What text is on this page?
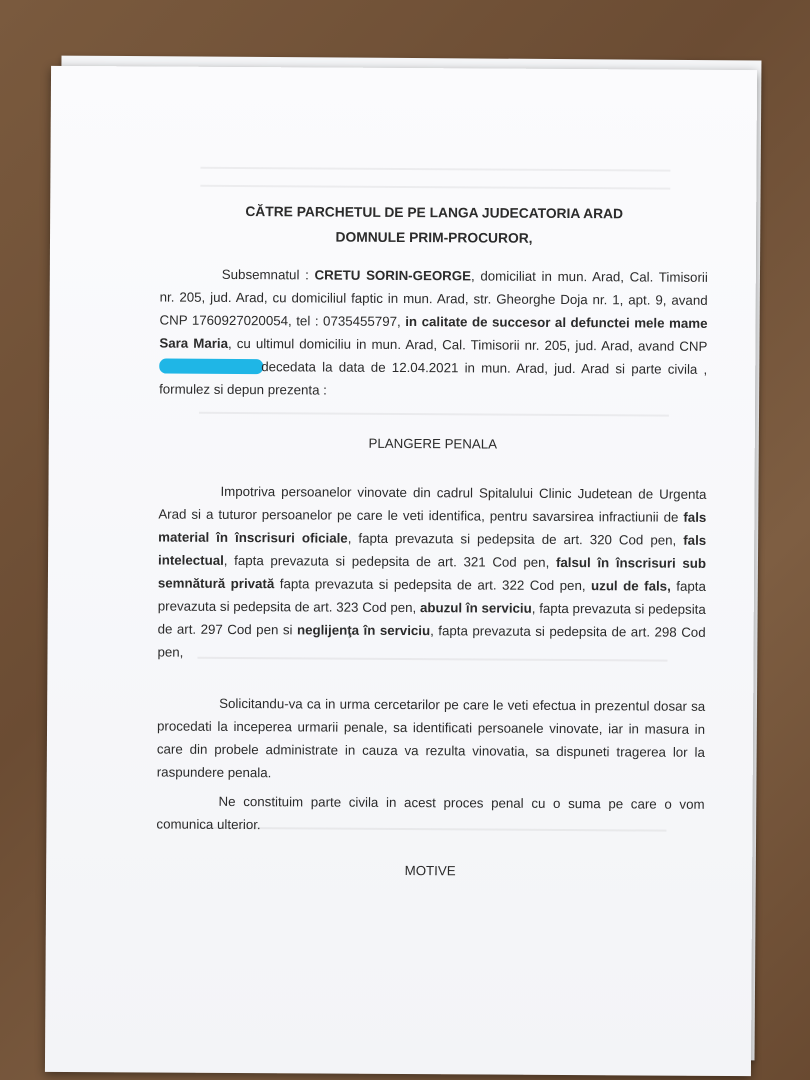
CĂTRE PARCHETUL DE PE LANGA JUDECATORIA ARAD
DOMNULE PRIM-PROCUROR,

Subsemnatul : CRETU SORIN-GEORGE, domiciliat in mun. Arad, Cal. Timisorii nr. 205, jud. Arad, cu domiciliul faptic in mun. Arad, str. Gheorghe Doja nr. 1, apt. 9, avand CNP 1760927020054, tel : 0735455797, in calitate de succesor al defunctei mele mame Sara Maria, cu ultimul domiciliu in mun. Arad, Cal. Timisorii nr. 205, jud. Arad, avand CNP decedata la data de 12.04.2021 in mun. Arad, jud. Arad si parte civila , formulez si depun prezenta :

PLANGERE PENALA

Impotriva persoanelor vinovate din cadrul Spitalului Clinic Judetean de Urgenta Arad si a tuturor persoanelor pe care le veti identifica, pentru savarsirea infractiunii de fals material în înscrisuri oficiale, fapta prevazuta si pedepsita de art. 320 Cod pen, fals intelectual, fapta prevazuta si pedepsita de art. 321 Cod pen, falsul în înscrisuri sub semnătură privată fapta prevazuta si pedepsita de art. 322 Cod pen, uzul de fals, fapta prevazuta si pedepsita de art. 323 Cod pen, abuzul în serviciu, fapta prevazuta si pedepsita de art. 297 Cod pen si neglijenţa în serviciu, fapta prevazuta si pedepsita de art. 298 Cod pen,

Solicitandu-va ca in urma cercetarilor pe care le veti efectua in prezentul dosar sa procedati la inceperea urmarii penale, sa identificati persoanele vinovate, iar in masura in care din probele administrate in cauza va rezulta vinovatia, sa dispuneti tragerea lor la raspundere penala.

Ne constituim parte civila in acest proces penal cu o suma pe care o vom comunica ulterior.

MOTIVE
